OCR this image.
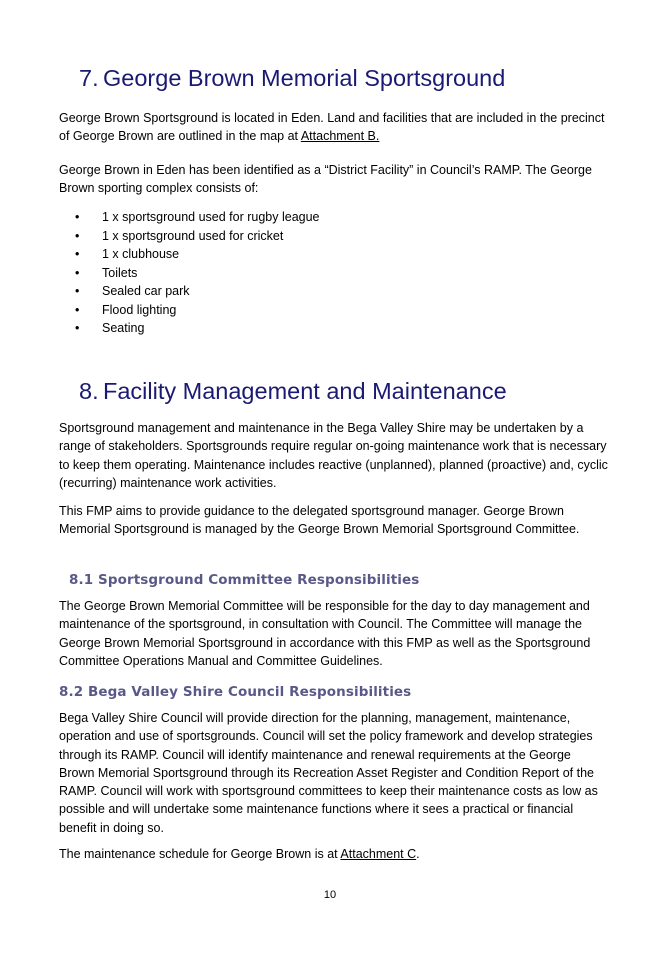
7. George Brown Memorial Sportsground

George Brown Sportsground is located in Eden. Land and facilities that are included in the precinct of George Brown are outlined in the map at Attachment B.

George Brown in Eden has been identified as a “District Facility” in Council’s RAMP. The George Brown sporting complex consists of:

• 1 x sportsground used for rugby league
• 1 x sportsground used for cricket
• 1 x clubhouse
• Toilets
• Sealed car park
• Flood lighting
• Seating
8. Facility Management and Maintenance

Sportsground management and maintenance in the Bega Valley Shire may be undertaken by a range of stakeholders. Sportsgrounds require regular on-going maintenance work that is necessary to keep them operating. Maintenance includes reactive (unplanned), planned (proactive) and, cyclic (recurring) maintenance work activities.

This FMP aims to provide guidance to the delegated sportsground manager. George Brown Memorial Sportsground is managed by the George Brown Memorial Sportsground Committee.

8.1 Sportsground Committee Responsibilities

The George Brown Memorial Committee will be responsible for the day to day management and maintenance of the sportsground, in consultation with Council. The Committee will manage the George Brown Memorial Sportsground in accordance with this FMP as well as the Sportsground Committee Operations Manual and Committee Guidelines.

8.2 Bega Valley Shire Council Responsibilities

Bega Valley Shire Council will provide direction for the planning, management, maintenance, operation and use of sportsgrounds. Council will set the policy framework and develop strategies through its RAMP. Council will identify maintenance and renewal requirements at the George Brown Memorial Sportsground through its Recreation Asset Register and Condition Report of the RAMP. Council will work with sportsground committees to keep their maintenance costs as low as possible and will undertake some maintenance functions where it sees a practical or financial benefit in doing so.

The maintenance schedule for George Brown is at Attachment C.

10
